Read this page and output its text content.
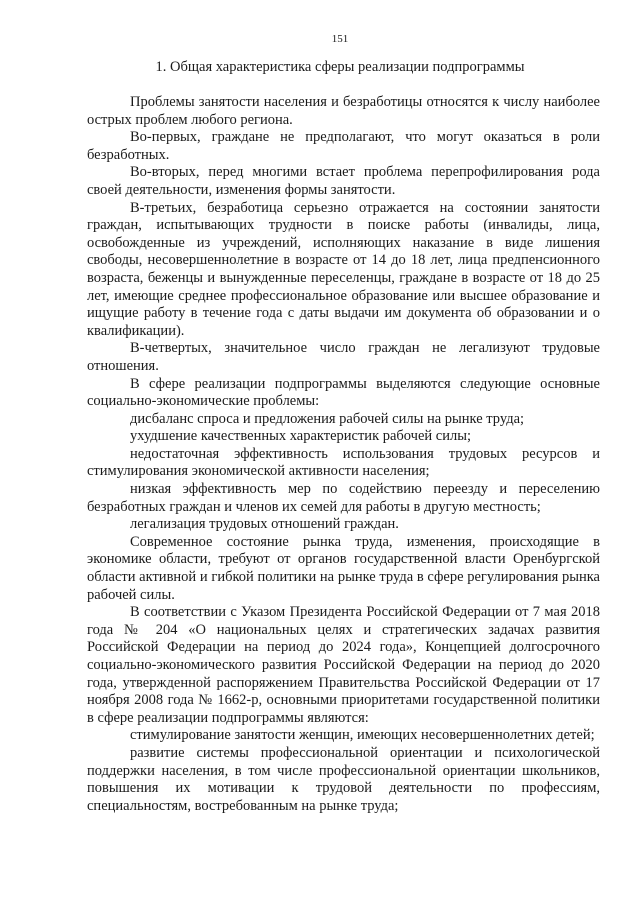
151
1. Общая характеристика сферы реализации подпрограммы

Проблемы занятости населения и безработицы относятся к числу наиболее острых проблем любого региона.

Во-первых, граждане не предполагают, что могут оказаться в роли безработных.

Во-вторых, перед многими встает проблема перепрофилирования рода своей деятельности, изменения формы занятости.

В-третьих, безработица серьезно отражается на состоянии занятости граждан, испытывающих трудности в поиске работы (инвалиды, лица, освобожденные из учреждений, исполняющих наказание в виде лишения свободы, несовершеннолетние в возрасте от 14 до 18 лет, лица предпенсионного возраста, беженцы и вынужденные переселенцы, граждане в возрасте от 18 до 25 лет, имеющие среднее профессиональное образование или высшее образование и ищущие работу в течение года с даты выдачи им документа об образовании и о квалификации).

В-четвертых, значительное число граждан не легализуют трудовые отношения.

В сфере реализации подпрограммы выделяются следующие основные социально-экономические проблемы:

дисбаланс спроса и предложения рабочей силы на рынке труда;

ухудшение качественных характеристик рабочей силы;

недостаточная эффективность использования трудовых ресурсов и стимулирования экономической активности населения;

низкая эффективность мер по содействию переезду и переселению безработных граждан и членов их семей для работы в другую местность;

легализация трудовых отношений граждан.

Современное состояние рынка труда, изменения, происходящие в экономике области, требуют от органов государственной власти Оренбургской области активной и гибкой политики на рынке труда в сфере регулирования рынка рабочей силы.

В соответствии с Указом Президента Российской Федерации от 7 мая 2018 года № 204 «О национальных целях и стратегических задачах развития Российской Федерации на период до 2024 года», Концепцией долгосрочного социально-экономического развития Российской Федерации на период до 2020 года, утвержденной распоряжением Правительства Российской Федерации от 17 ноября 2008 года № 1662-р, основными приоритетами государственной политики в сфере реализации подпрограммы являются:

стимулирование занятости женщин, имеющих несовершеннолетних детей;

развитие системы профессиональной ориентации и психологической поддержки населения, в том числе профессиональной ориентации школьников, повышения их мотивации к трудовой деятельности по профессиям, специальностям, востребованным на рынке труда;
